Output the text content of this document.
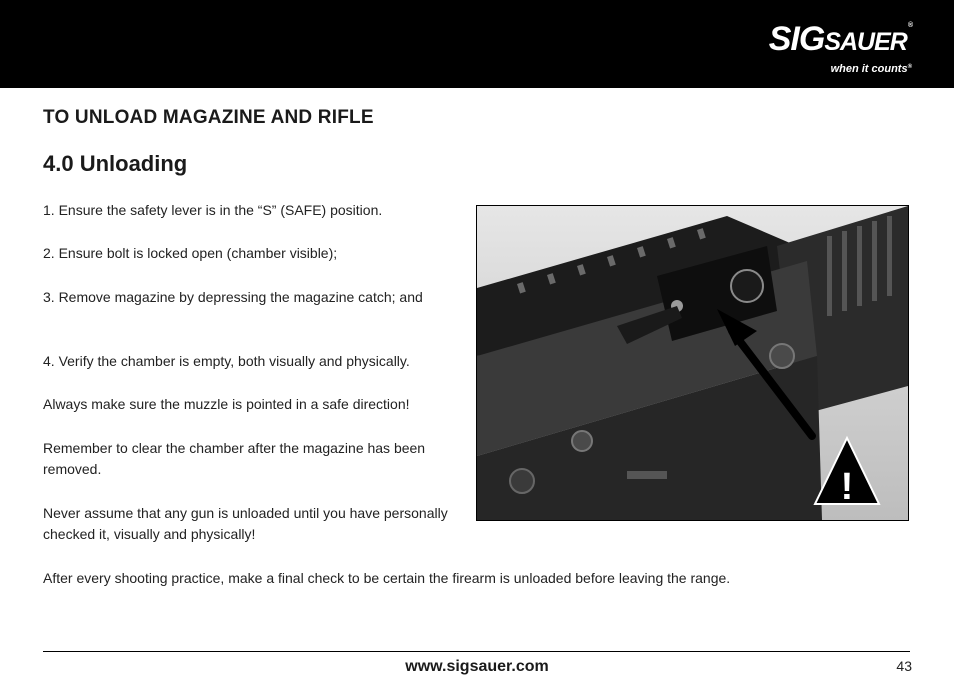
SIGSAUER®
when it counts®
TO UNLOAD MAGAZINE AND RIFLE
4.0 Unloading

1. Ensure the safety lever is in the “S” (SAFE) position.

2. Ensure bolt is locked open (chamber visible);

3. Remove magazine by depressing the magazine catch; and

4. Verify the chamber is empty, both visually and physically.

Always make sure the muzzle is pointed in a safe direction!

Remember to clear the chamber after the magazine has been removed.

Never assume that any gun is unloaded until you have personally checked it, visually and physically!

After every shooting practice, make a final check to be certain the firearm is unloaded before leaving the range.

!
www.sigsauer.com	43
